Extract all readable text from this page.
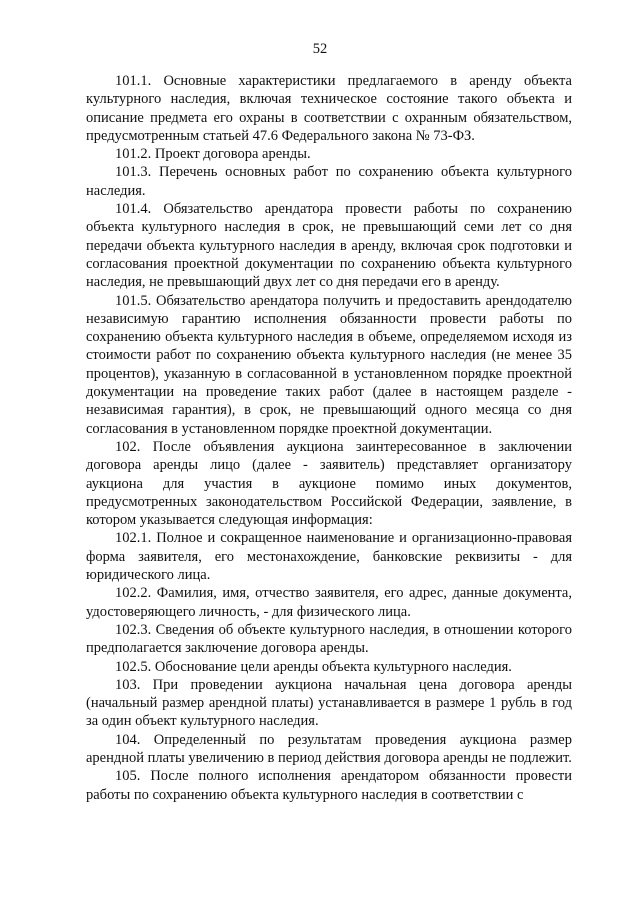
52

101.1. Основные характеристики предлагаемого в аренду объекта культурного наследия, включая техническое состояние такого объекта и описание предмета его охраны в соответствии с охранным обязательством, предусмотренным статьей 47.6 Федерального закона № 73-ФЗ.

101.2. Проект договора аренды.

101.3. Перечень основных работ по сохранению объекта культурного наследия.

101.4. Обязательство арендатора провести работы по сохранению объекта культурного наследия в срок, не превышающий семи лет со дня передачи объекта культурного наследия в аренду, включая срок подготовки и согласования проектной документации по сохранению объекта культурного наследия, не превышающий двух лет со дня передачи его в аренду.

101.5. Обязательство арендатора получить и предоставить арендодателю независимую гарантию исполнения обязанности провести работы по сохранению объекта культурного наследия в объеме, определяемом исходя из стоимости работ по сохранению объекта культурного наследия (не менее 35 процентов), указанную в согласованной в установленном порядке проектной документации на проведение таких работ (далее в настоящем разделе - независимая гарантия), в срок, не превышающий одного месяца со дня согласования в установленном порядке проектной документации.

102. После объявления аукциона заинтересованное в заключении договора аренды лицо (далее - заявитель) представляет организатору аукциона для участия в аукционе помимо иных документов, предусмотренных законодательством Российской Федерации, заявление, в котором указывается следующая информация:

102.1. Полное и сокращенное наименование и организационно-правовая форма заявителя, его местонахождение, банковские реквизиты - для юридического лица.

102.2. Фамилия, имя, отчество заявителя, его адрес, данные документа, удостоверяющего личность, - для физического лица.

102.3. Сведения об объекте культурного наследия, в отношении которого предполагается заключение договора аренды.

102.5. Обоснование цели аренды объекта культурного наследия.

103. При проведении аукциона начальная цена договора аренды (начальный размер арендной платы) устанавливается в размере 1 рубль в год за один объект культурного наследия.

104. Определенный по результатам проведения аукциона размер арендной платы увеличению в период действия договора аренды не подлежит.

105. После полного исполнения арендатором обязанности провести работы по сохранению объекта культурного наследия в соответствии с
